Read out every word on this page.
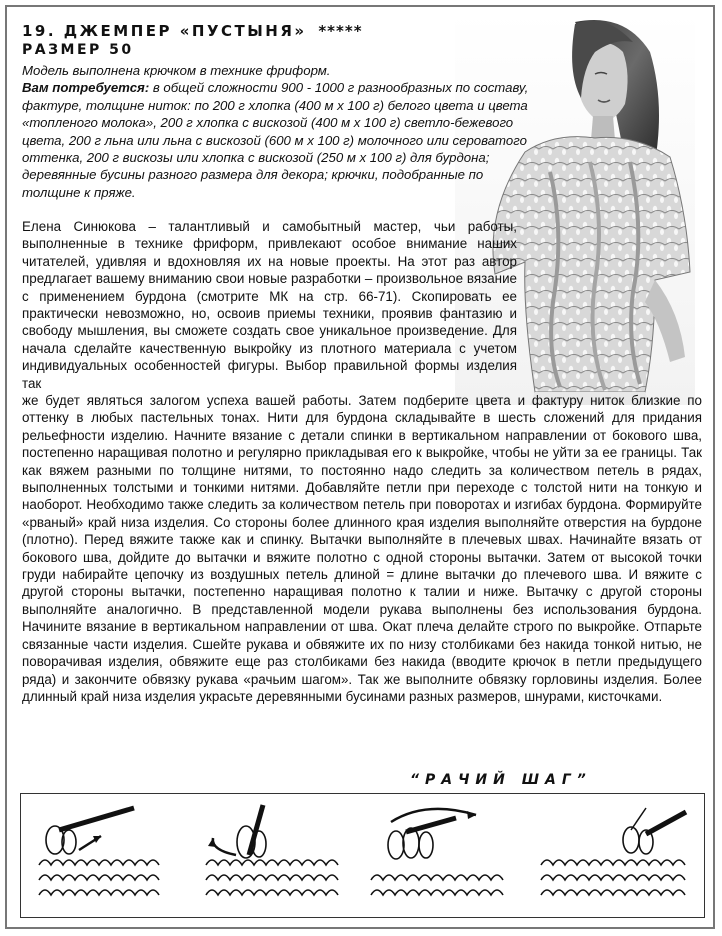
19. ДЖЕМПЕР «ПУСТЫНЯ» *****
РАЗМЕР 50
Модель выполнена крючком в технике фриформ.
Вам потребуется: в общей сложности 900 - 1000 г разнообразных по составу, фактуре, толщине ниток: по 200 г хлопка (400 м х 100 г) белого цвета и цвета «топленого молока», 200 г хлопка с вискозой (400 м х 100 г) светло-бежевого цвета, 200 г льна или льна с вискозой (600 м х 100 г) молочного или сероватого оттенка, 200 г вискозы или хлопка с вискозой (250 м х 100 г) для бурдона; деревянные бусины разного размера для декора; крючки, подобранные по толщине к пряже.
Елена Синюкова – талантливый и самобытный мастер, чьи работы, выполненные в технике фриформ, привлекают особое внимание наших читателей, удивляя и вдохновляя их на новые проекты. На этот раз автор предлагает вашему вниманию свои новые разработки – произвольное вязание с применением бурдона (смотрите МК на стр. 66-71). Скопировать ее практически невозможно, но, освоив приемы техники, проявив фантазию и свободу мышления, вы сможете создать свое уникальное произведение. Для начала сделайте качественную выкройку из плотного материала с учетом индивидуальных особенностей фигуры. Выбор правильной формы изделия так
же будет являться залогом успеха вашей работы. Затем подберите цвета и фактуру ниток близкие по оттенку в любых пастельных тонах. Нити для бурдона складывайте в шесть сложений для придания рельефности изделию. Начните вязание с детали спинки в вертикальном направлении от бокового шва, постепенно наращивая полотно и регулярно прикладывая его к выкройке, чтобы не уйти за ее границы. Так как вяжем разными по толщине нитями, то постоянно надо следить за количеством петель в рядах, выполненных толстыми и тонкими нитями. Добавляйте петли при переходе с толстой нити на тонкую и наоборот. Необходимо также следить за количеством петель при поворотах и изгибах бурдона. Формируйте «рваный» край низа изделия. Со стороны более длинного края изделия выполняйте отверстия на бурдоне (плотно). Перед вяжите также как и спинку. Вытачки выполняйте в плечевых швах. Начинайте вязать от бокового шва, дойдите до вытачки и вяжите полотно с одной стороны вытачки. Затем от высокой точки груди набирайте цепочку из воздушных петель длиной = длине вытачки до плечевого шва. И вяжите с другой стороны вытачки, постепенно наращивая полотно к талии и ниже. Вытачку с другой стороны выполняйте аналогично. В представленной модели рукава выполнены без использования бурдона. Начините вязание в вертикальном направлении от шва. Окат плеча делайте строго по выкройке. Отпарьте связанные части изделия. Сшейте рукава и обвяжите их по низу столбиками без накида тонкой нитью, не поворачивая изделия, обвяжите еще раз столбиками без накида (вводите крючок в петли предыдущего ряда) и закончите обвязку рукава «рачьим шагом». Так же выполните обвязку горловины изделия. Более длинный край низа изделия украсьте деревянными бусинами разных размеров, шнурами, кисточками.
“РАЧИЙ ШАГ”
